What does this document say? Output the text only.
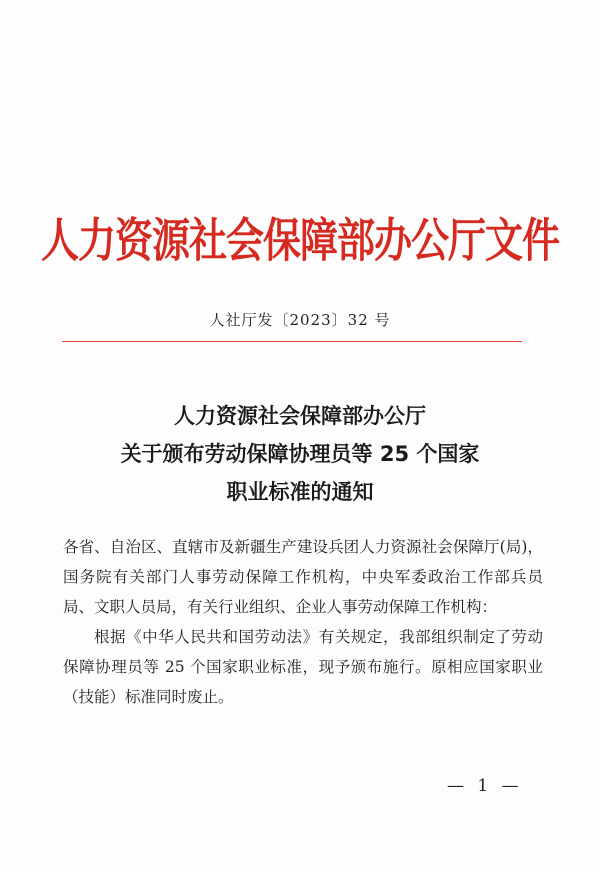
人力资源社会保障部办公厅文件
人社厅发〔2023〕32 号
人力资源社会保障部办公厅
关于颁布劳动保障协理员等 25 个国家
职业标准的通知

各省、自治区、直辖市及新疆生产建设兵团人力资源社会保障厅(局)，国务院有关部门人事劳动保障工作机构，中央军委政治工作部兵员局、文职人员局，有关行业组织、企业人事劳动保障工作机构：

根据《中华人民共和国劳动法》有关规定，我部组织制定了劳动保障协理员等 25 个国家职业标准，现予颁布施行。原相应国家职业（技能）标准同时废止。

— 1 —
